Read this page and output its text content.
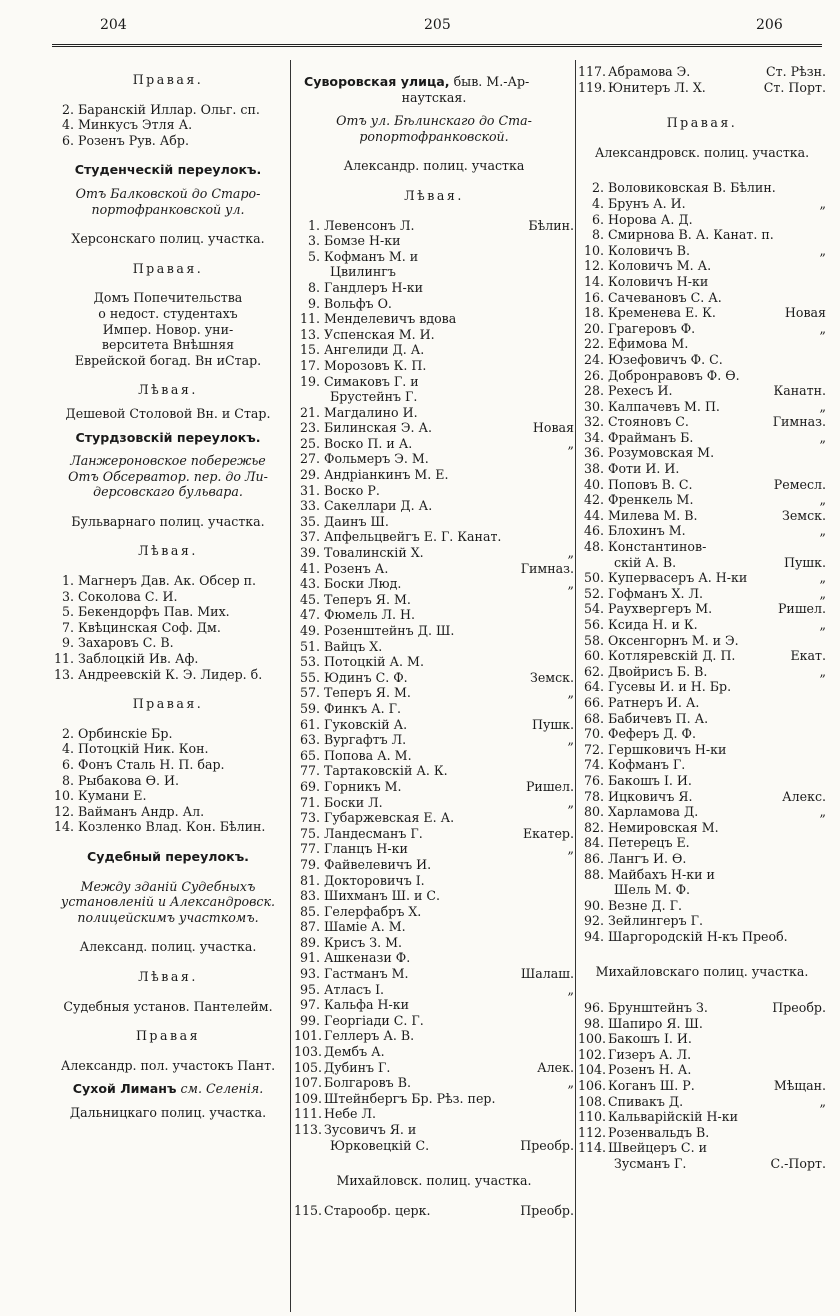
204	205	206
Правая.
2. Баранскій Иллар. Ольг. сп.
4. Минкусъ Этля А.
6. Розенъ Рув. Абр.
Студенческій переулокъ.
Отъ Балковской до Старо-
портофранковской ул.
Херсонскаго полиц. участка.
Правая.
Домъ Попечительства
о недост. студентахъ
Импер. Новор. уни-
верситета Внѣшняя
Еврейской богад. Вн иСтар.
Лѣвая.
Дешевой Столовой Вн. и Стар.
Стурдзовскій переулокъ.
Ланжероновское побережье
Отъ Обсерватор. пер. до Ли-
дерсовскаго бульвара.
Бульварнаго полиц. участка.
Лѣвая.
1. Магнеръ Дав. Ак. Обсер п.
3. Соколова С. И.
5. Бекендорфъ Пав. Мих.
7. Квѣцинская Соф. Дм.
9. Захаровъ С. В.
11. Заблоцкій Ив. Аф.
13. Андреевскій К. Э. Лидер. б.
Правая.
2. Орбинскіе Бр.
4. Потоцкій Ник. Кон.
6. Фонъ Сталь Н. П. бар.
8. Рыбакова Ѳ. И.
10. Кумани Е.
12. Вайманъ Андр. Ал.
14. Козленко Влад. Кон. Бѣлин.
Судебный переулокъ.
Между зданій Судебныхъ
установленій и Александровск.
полицейскимъ участкомъ.
Александ. полиц. участка.
Лѣвая.
Судебныя установ. Пантелейм.
Правая
Александр. пол. участокъ Пант.
Сухой Лиманъ см. Селенія.
Дальницкаго полиц. участка.
Суворовская улица, быв. М.-Ар-
наутская.
Отъ ул. Бѣлинскаго до Ста-
ропортофранковской.
Александр. полиц. участка
Лѣвая.
1. Левенсонъ Л.	Бѣлин.
3. Бомзе Н-ки
5. Кофманъ М. и
Цвилингъ
8. Гандлеръ Н-ки
9. Вольфъ О.
11. Менделевичъ вдова
13. Успенская М. И.
15. Ангелиди Д. А.
17. Морозовъ К. П.
19. Симаковъ Г. и
Брустейнъ Г.
21. Магдалино И.
23. Билинская Э. А.	Новая
25. Воско П. и А.	„
27. Фольмеръ Э. М.
29. Андріанкинъ М. Е.
31. Воско Р.
33. Сакеллари Д. А.
35. Даинъ Ш.
37. Апфельцвейгъ Е. Г. Канат.
39. Товалинскій Х.	„
41. Розенъ А.	Гимназ.
43. Боски Люд.	„
45. Теперъ Я. М.
47. Фюмель Л. Н.
49. Розенштейнъ Д. Ш.
51. Вайцъ Х.
53. Потоцкій А. М.
55. Юдинъ С. Ф.	Земск.
57. Теперъ Я. М.	„
59. Финкъ А. Г.
61. Гуковскій А.	Пушк.
63. Вургафтъ Л.	„
65. Попова А. М.
77. Тартаковскій А. К.
69. Горникъ М.	Ришел.
71. Боски Л.	„
73. Губаржевская Е. А.
75. Ландесманъ Г.	Екатер.
77. Гланцъ Н-ки	„
79. Файвелевичъ И.
81. Докторовичъ І.
83. Шихманъ Ш. и С.
85. Гелерфабръ Х.
87. Шаміе А. М.
89. Крисъ З. М.
91. Ашкенази Ф.
93. Гастманъ М.	Шалаш.
95. Атласъ І.	„
97. Кальфа Н-ки
99. Георгіади С. Г.
101. Геллеръ А. В.
103. Дембъ А.
105. Дубинъ Г.	Алек.
107. Болгаровъ В.	„
109. Штейнбергъ Бр. Рѣз. пер.
111. Небе Л.
113. Зусовичъ Я. и
Юрковецкій С.	Преобр.
Михайловск. полиц. участка.
115. Старообр. церк.	Преобр.
117. Абрамова Э.	Ст. Рѣзн.
119. Юнитеръ Л. Х.	Ст. Порт.
Правая.
Александровск. полиц. участка.
2. Воловиковская В. Бѣлин.
4. Брунъ А. И.	„
6. Норова А. Д.
8. Смирнова В. А. Канат. п.
10. Коловичъ В.	„
12. Коловичъ М. А.
14. Коловичъ Н-ки
16. Сачевановъ С. А.
18. Кременева Е. К.	Новая
20. Грагеровъ Ф.	„
22. Ефимова М.
24. Юзефовичъ Ф. С.
26. Добронравовъ Ф. Ѳ.
28. Рехесъ И.	Канатн.
30. Калпачевъ М. П.	„
32. Стояновъ С.	Гимназ.
34. Фрайманъ Б.	„
36. Розумовская М.
38. Фоти И. И.
40. Поповъ В. С.	Ремесл.
42. Френкель М.	„
44. Милева М. В.	Земск.
46. Блохинъ М.	„
48. Константинов-
скій А. В.	Пушк.
50. Купервасеръ А. Н-ки	„
52. Гофманъ Х. Л.	„
54. Раухвергеръ М.	Ришел.
56. Ксида Н. и К.	„
58. Оксенгорнъ М. и Э.
60. Котляревскій Д. П.	Екат.
62. Двойрисъ Б. В.	„
64. Гусевы И. и Н. Бр.
66. Ратнеръ И. А.
68. Бабичевъ П. А.
70. Феферъ Д. Ф.
72. Гершковичъ Н-ки
74. Кофманъ Г.
76. Бакошъ І. И.
78. Ицковичъ Я.	Алекс.
80. Харламова Д.	„
82. Немировская М.
84. Петерецъ Е.
86. Лангъ И. Ѳ.
88. Майбахъ Н-ки и
Шель М. Ф.
90. Везне Д. Г.
92. Зейлингеръ Г.
94. Шаргородскій Н-къ Преоб.
Михайловскаго полиц. участка.
96. Брунштейнъ З.	Преобр.
98. Шапиро Я. Ш.
100. Бакошъ І. И.
102. Гизеръ А. Л.
104. Розенъ Н. А.
106. Коганъ Ш. Р.	Мѣщан.
108. Спивакъ Д.	„
110. Кальварійскій Н-ки
112. Розенвальдъ В.
114. Швейцеръ С. и
Зусманъ Г.	С.-Порт.
